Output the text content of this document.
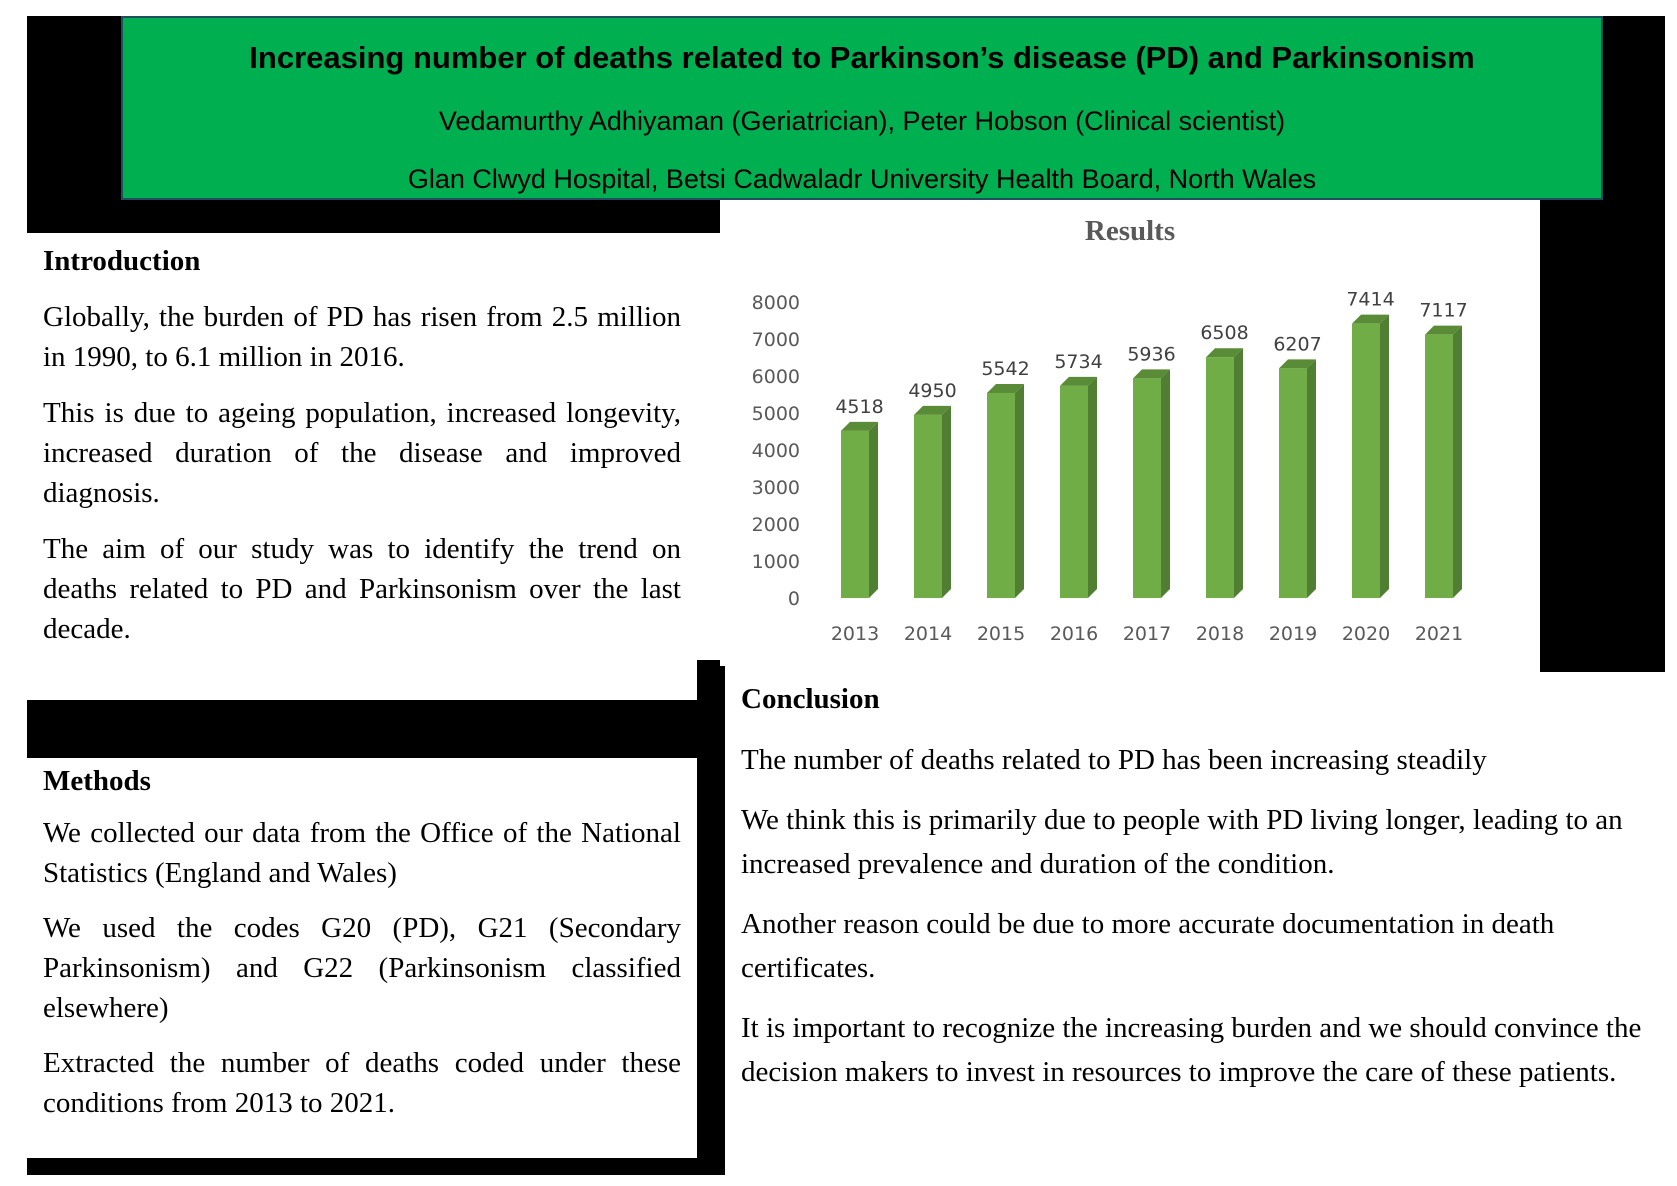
Increasing number of deaths related to Parkinson’s disease (PD) and Parkinsonism
Vedamurthy Adhiyaman (Geriatrician), Peter Hobson (Clinical scientist)
Glan Clwyd Hospital, Betsi Cadwaladr University Health Board, North Wales
Introduction

Globally, the burden of PD has risen from 2.5 million in 1990, to 6.1 million in 2016.

This is due to ageing population, increased longevity, increased duration of the disease and improved diagnosis.

The aim of our study was to identify the trend on deaths related to PD and Parkinsonism over the last decade.

Methods

We collected our data from the Office of the National Statistics (England and Wales)

We used the codes G20 (PD), G21 (Secondary Parkinsonism) and G22 (Parkinsonism classified elsewhere)

Extracted the number of deaths coded under these conditions from 2013 to 2021.

Results
0
1000
2000
3000
4000
5000
6000
7000
8000
4518
4950
5542 5734 5936
6508
6207
7414 7117
2013 2014 2015 2016 2017 2018 2019 2020 2021
Conclusion

The number of deaths related to PD has been increasing steadily

We think this is primarily due to people with PD living longer, leading to an increased prevalence and duration of the condition.

Another reason could be due to more accurate documentation in death certificates.

It is important to recognize the increasing burden and we should convince the decision makers to invest in resources to improve the care of these patients.
